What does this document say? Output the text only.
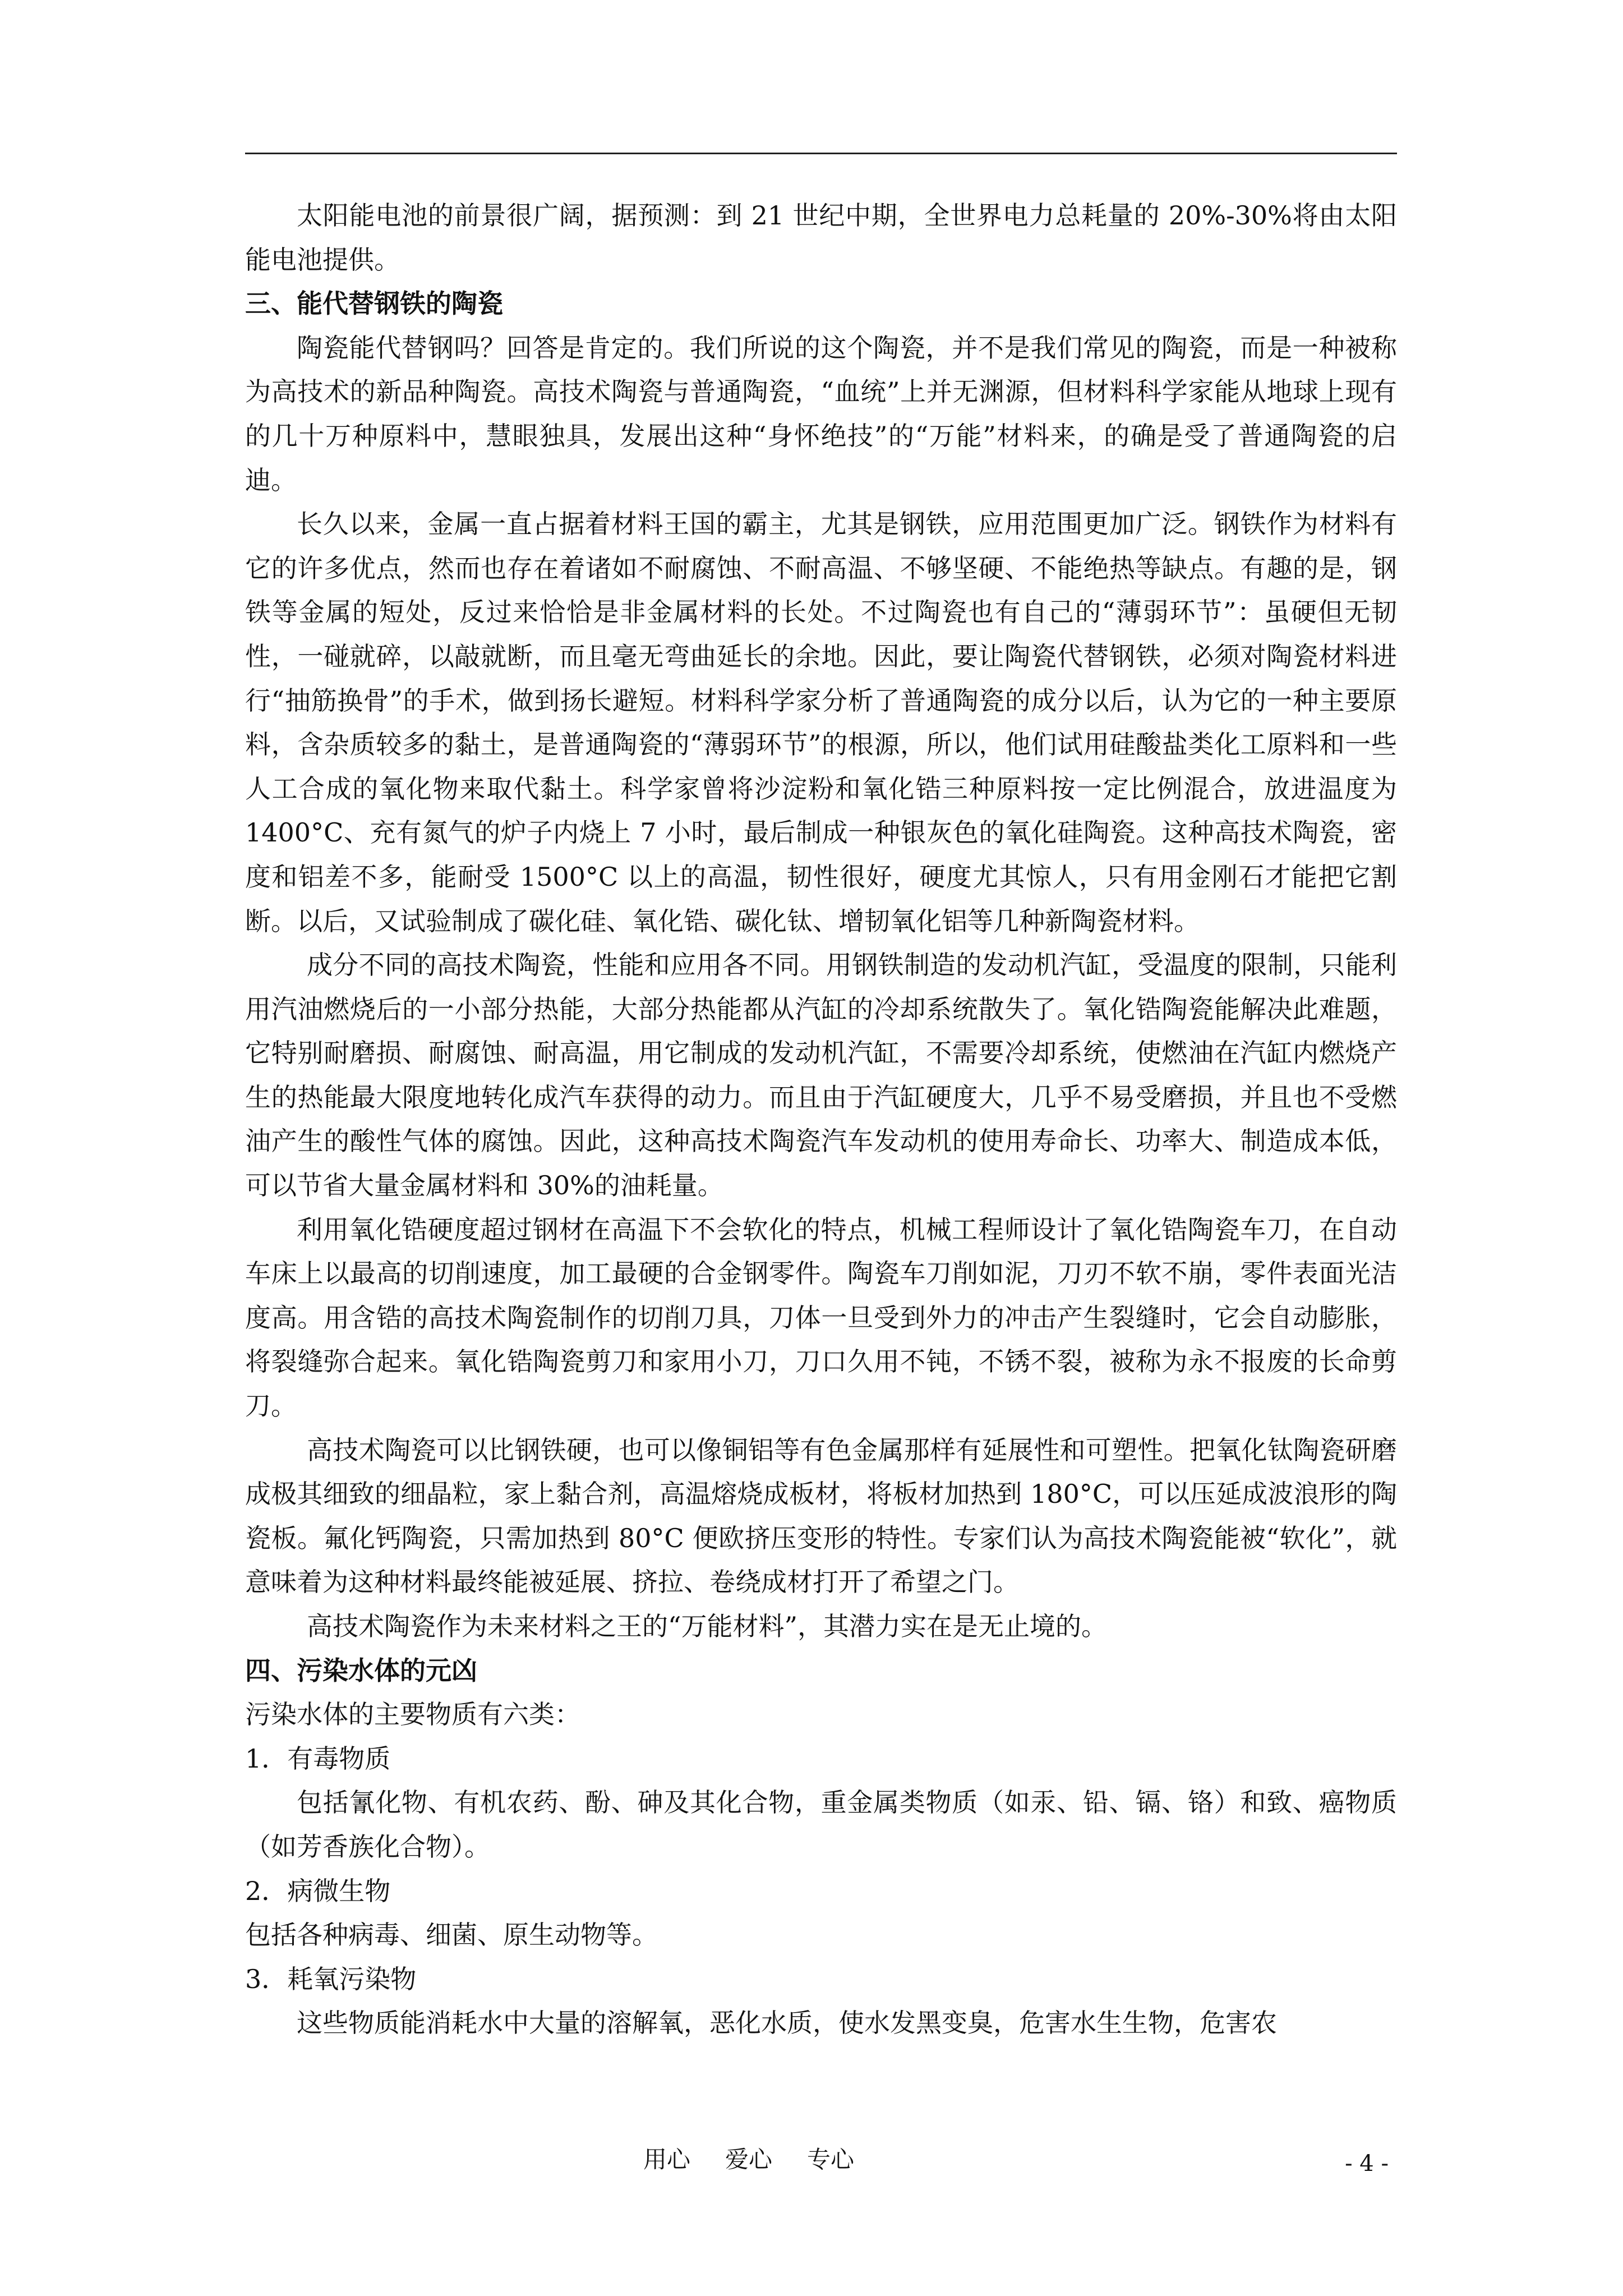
太阳能电池的前景很广阔，据预测：到 21 世纪中期，全世界电力总耗量的 20%-30%将由太阳能电池提供。

三、能代替钢铁的陶瓷

陶瓷能代替钢吗？回答是肯定的。我们所说的这个陶瓷，并不是我们常见的陶瓷，而是一种被称为高技术的新品种陶瓷。高技术陶瓷与普通陶瓷，“血统”上并无渊源，但材料科学家能从地球上现有的几十万种原料中，慧眼独具，发展出这种“身怀绝技”的“万能”材料来，的确是受了普通陶瓷的启迪。

长久以来，金属一直占据着材料王国的霸主，尤其是钢铁，应用范围更加广泛。钢铁作为材料有它的许多优点，然而也存在着诸如不耐腐蚀、不耐高温、不够坚硬、不能绝热等缺点。有趣的是，钢铁等金属的短处，反过来恰恰是非金属材料的长处。不过陶瓷也有自己的“薄弱环节”：虽硬但无韧性，一碰就碎，以敲就断，而且毫无弯曲延长的余地。因此，要让陶瓷代替钢铁，必须对陶瓷材料进行“抽筋换骨”的手术，做到扬长避短。材料科学家分析了普通陶瓷的成分以后，认为它的一种主要原料，含杂质较多的黏土，是普通陶瓷的“薄弱环节”的根源，所以，他们试用硅酸盐类化工原料和一些人工合成的氧化物来取代黏土。科学家曾将沙淀粉和氧化锆三种原料按一定比例混合，放进温度为 1400°C、充有氮气的炉子内烧上 7 小时，最后制成一种银灰色的氧化硅陶瓷。这种高技术陶瓷，密度和铝差不多，能耐受 1500°C 以上的高温，韧性很好，硬度尤其惊人，只有用金刚石才能把它割断。以后，又试验制成了碳化硅、氧化锆、碳化钛、增韧氧化铝等几种新陶瓷材料。

成分不同的高技术陶瓷，性能和应用各不同。用钢铁制造的发动机汽缸，受温度的限制，只能利用汽油燃烧后的一小部分热能，大部分热能都从汽缸的冷却系统散失了。氧化锆陶瓷能解决此难题，它特别耐磨损、耐腐蚀、耐高温，用它制成的发动机汽缸，不需要冷却系统，使燃油在汽缸内燃烧产生的热能最大限度地转化成汽车获得的动力。而且由于汽缸硬度大，几乎不易受磨损，并且也不受燃油产生的酸性气体的腐蚀。因此，这种高技术陶瓷汽车发动机的使用寿命长、功率大、制造成本低，可以节省大量金属材料和 30%的油耗量。

利用氧化锆硬度超过钢材在高温下不会软化的特点，机械工程师设计了氧化锆陶瓷车刀，在自动车床上以最高的切削速度，加工最硬的合金钢零件。陶瓷车刀削如泥，刀刃不软不崩，零件表面光洁度高。用含锆的高技术陶瓷制作的切削刀具，刀体一旦受到外力的冲击产生裂缝时，它会自动膨胀，将裂缝弥合起来。氧化锆陶瓷剪刀和家用小刀，刀口久用不钝，不锈不裂，被称为永不报废的长命剪刀。

高技术陶瓷可以比钢铁硬，也可以像铜铝等有色金属那样有延展性和可塑性。把氧化钛陶瓷研磨成极其细致的细晶粒，家上黏合剂，高温熔烧成板材，将板材加热到 180°C，可以压延成波浪形的陶瓷板。氟化钙陶瓷，只需加热到 80°C 便欧挤压变形的特性。专家们认为高技术陶瓷能被“软化”，就意味着为这种材料最终能被延展、挤拉、卷绕成材打开了希望之门。

高技术陶瓷作为未来材料之王的“万能材料”，其潜力实在是无止境的。

四、污染水体的元凶

污染水体的主要物质有六类：

1．有毒物质

包括氰化物、有机农药、酚、砷及其化合物，重金属类物质（如汞、铅、镉、铬）和致、癌物质（如芳香族化合物）。

2．病微生物

包括各种病毒、细菌、原生动物等。

3．耗氧污染物

这些物质能消耗水中大量的溶解氧，恶化水质，使水发黑变臭，危害水生生物，危害农

用心 爱心 专心	- 4 -
